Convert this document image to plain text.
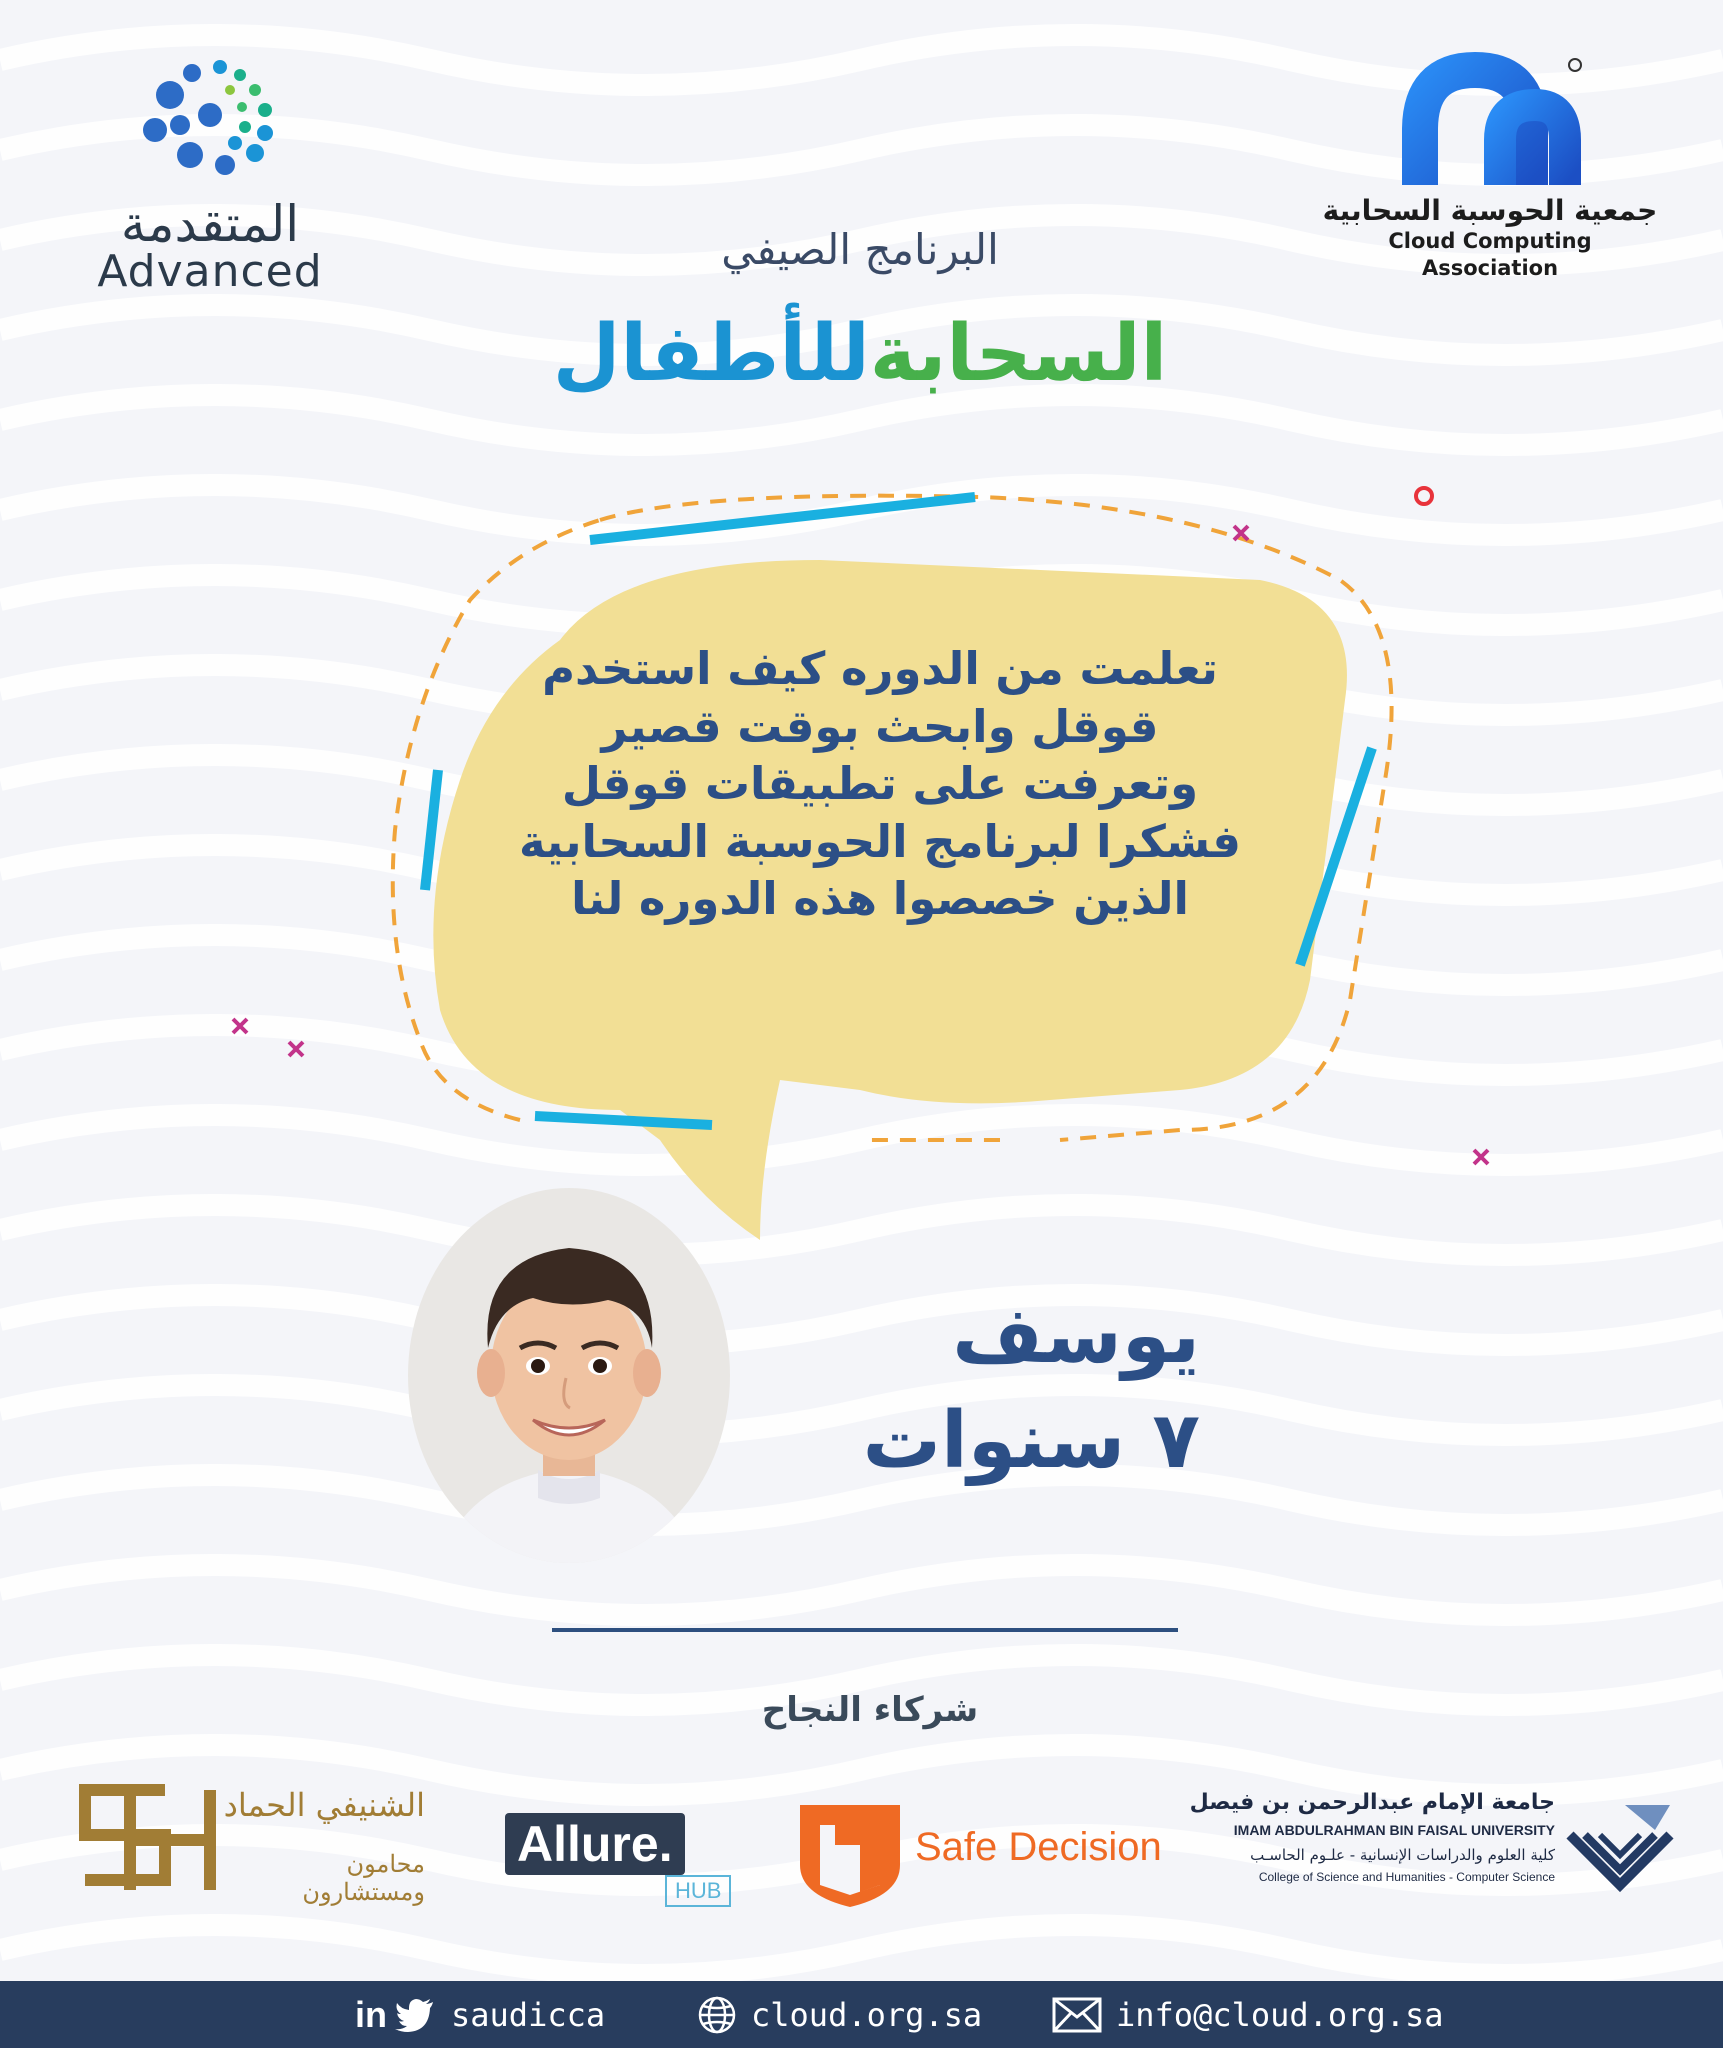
المتقدمة
Advanced
جمعية الحوسبة السحابية
Cloud Computing Association
البرنامج الصيفي
السحابةللأطفال
تعلمت من الدوره كيف استخدم
قوقل وابحث بوقت قصير
وتعرفت على تطبيقات قوقل
فشكرا لبرنامج الحوسبة السحابية
الذين خصصوا هذه الدوره لنا
يوسف
٧ سنوات
شركاء النجاح
الشنيفي الحماد
محامون ومستشارون
Allure.
HUB
Safe Decision
جامعة الإمام عبدالرحمن بن فيصل
IMAM ABDULRAHMAN BIN FAISAL UNIVERSITY
كلية العلوم والدراسات الإنسانية - علـوم الحاسـب
College of Science and Humanities - Computer Science
in saudicca	cloud.org.sa	info@cloud.org.sa
